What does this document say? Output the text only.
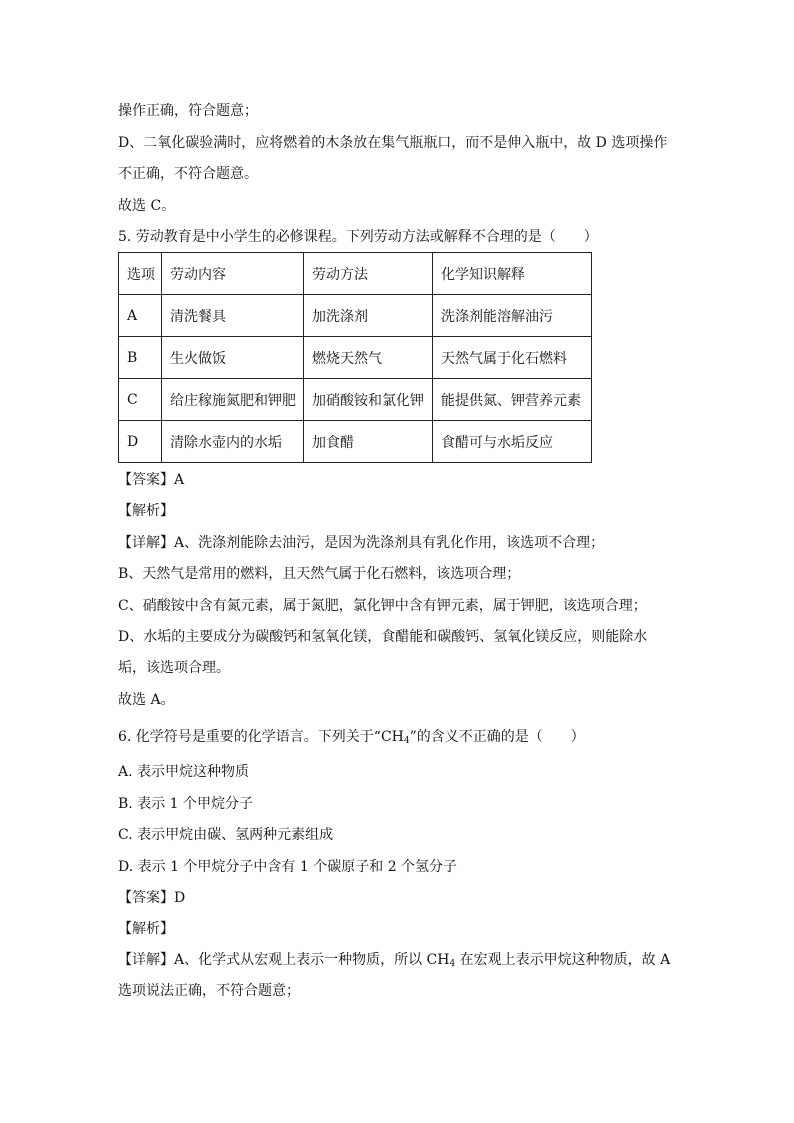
操作正确，符合题意；
D、二氧化碳验满时，应将燃着的木条放在集气瓶瓶口，而不是伸入瓶中，故 D 选项操作
不正确，不符合题意。
故选 C。
5. 劳动教育是中小学生的必修课程。下列劳动方法或解释不合理的是（　　）
选项	劳动内容	劳动方法	化学知识解释
A	清洗餐具	加洗涤剂	洗涤剂能溶解油污
B	生火做饭	燃烧天然气	天然气属于化石燃料
C	给庄稼施氮肥和钾肥	加硝酸铵和氯化钾	能提供氮、钾营养元素
D	清除水壶内的水垢	加食醋	食醋可与水垢反应
【答案】A
【解析】
【详解】A、洗涤剂能除去油污，是因为洗涤剂具有乳化作用，该选项不合理；
B、天然气是常用的燃料，且天然气属于化石燃料，该选项合理；
C、硝酸铵中含有氮元素，属于氮肥，氯化钾中含有钾元素，属于钾肥，该选项合理；
D、水垢的主要成分为碳酸钙和氢氧化镁，食醋能和碳酸钙、氢氧化镁反应，则能除水
垢，该选项合理。
故选 A。
6. 化学符号是重要的化学语言。下列关于“$CH_4$”的含义不正确的是（　　）
A. 表示甲烷这种物质
B. 表示 1 个甲烷分子
C. 表示甲烷由碳、氢两种元素组成
D. 表示 1 个甲烷分子中含有 1 个碳原子和 2 个氢分子
【答案】D
【解析】
【详解】A、化学式从宏观上表示一种物质，所以 $CH_4$ 在宏观上表示甲烷这种物质，故 A
选项说法正确，不符合题意；
